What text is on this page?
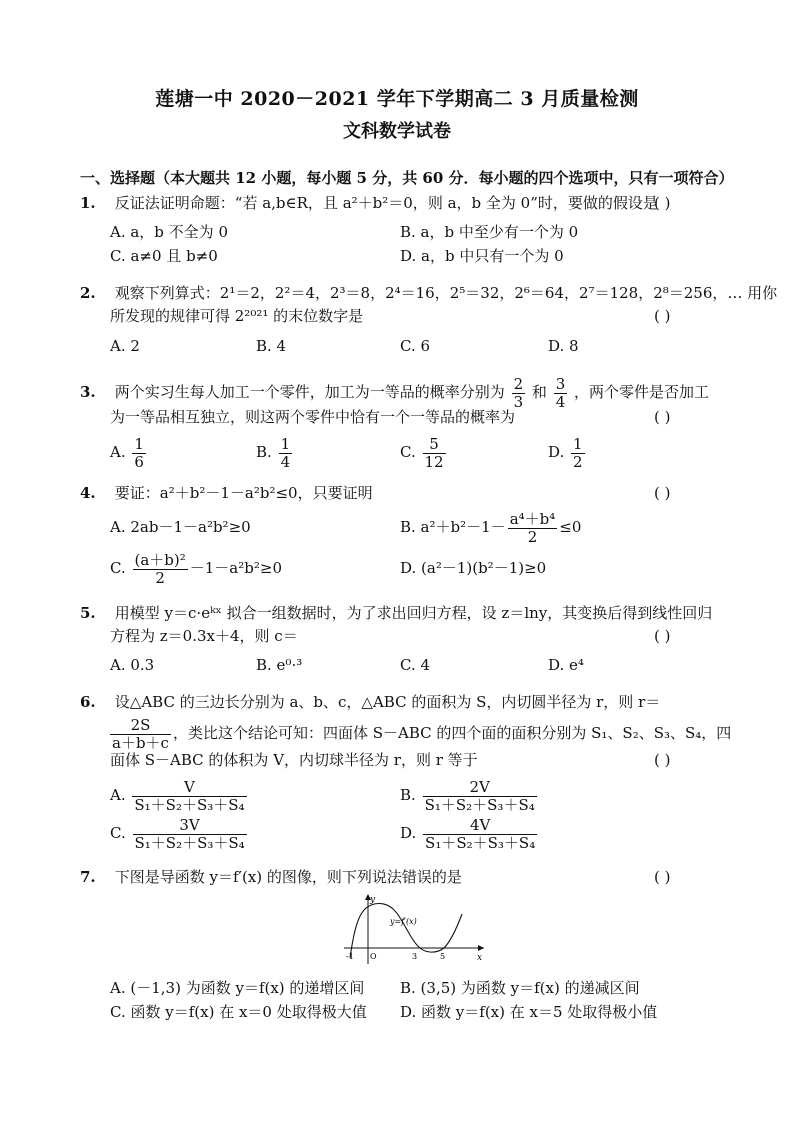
莲塘一中 2020－2021 学年下学期高二 3 月质量检测
文科数学试卷
一、选择题（本大题共 12 小题，每小题 5 分，共 60 分．每小题的四个选项中，只有一项符合）
1. 反证法证明命题：“若 a,b∈R，且 a²＋b²＝0，则 a，b 全为 0”时，要做的假设是
( )
A. a，b 不全为 0	B. a，b 中至少有一个为 0
C. a≠0 且 b≠0	D. a，b 中只有一个为 0
2. 观察下列算式：2¹＝2，2²＝4，2³＝8，2⁴＝16，2⁵＝32，2⁶＝64，2⁷＝128，2⁸＝256，… 用你
所发现的规律可得 2²⁰²¹ 的末位数字是	( )
A. 2	B. 4	C. 6	D. 8
3. 两个实习生每人加工一个零件，加工为一等品的概率分别为 $\frac{2}{3}$ 和 $\frac{3}{4}$ ，两个零件是否加工
为一等品相互独立，则这两个零件中恰有一个一等品的概率为	( )
A. $\frac{1}{6}$	B. $\frac{1}{4}$	C. $\frac{5}{12}$	D. $\frac{1}{2}$
4. 要证：a²＋b²－1－a²b²≤0，只要证明	( )
A. 2ab－1－a²b²≥0	B. $a^2+b^2-1- \frac{\text{a⁴＋b⁴}}{2} \le 0$
C. $\frac{\text{(a＋b)²}}{2} -1-a^2b^2\ge 0$	D. (a²－1)(b²－1)≥0
5. 用模型 y＝c·eᵏˣ 拟合一组数据时，为了求出回归方程，设 z＝lny，其变换后得到线性回归
方程为 z＝0.3x＋4，则 c＝	( )
A. 0.3	B. e⁰·³	C. 4	D. e⁴
6. 设△ABC 的三边长分别为 a、b、c，△ABC 的面积为 S，内切圆半径为 r，则 r＝
$\frac{2S}{a+b+c}$ ，类比这个结论可知：四面体 S－ABC 的四个面的面积分别为 S₁、S₂、S₃、S₄，四
面体 S－ABC 的体积为 V，内切球半径为 r，则 r 等于	( )
A. $\frac{V}{\text{S₁＋S₂＋S₃＋S₄}}$	B. $\frac{2V}{\text{S₁＋S₂＋S₃＋S₄}}$
C. $\frac{3V}{\text{S₁＋S₂＋S₃＋S₄}}$	D. $\frac{4V}{\text{S₁＋S₂＋S₃＋S₄}}$
7. 下图是导函数 y＝f′(x) 的图像，则下列说法错误的是	( )
y
x
y=f′(x)
O
-1	3	5
A. (－1,3) 为函数 y＝f(x) 的递增区间 B. (3,5) 为函数 y＝f(x) 的递减区间
C. 函数 y＝f(x) 在 x＝0 处取得极大值 D. 函数 y＝f(x) 在 x＝5 处取得极小值
